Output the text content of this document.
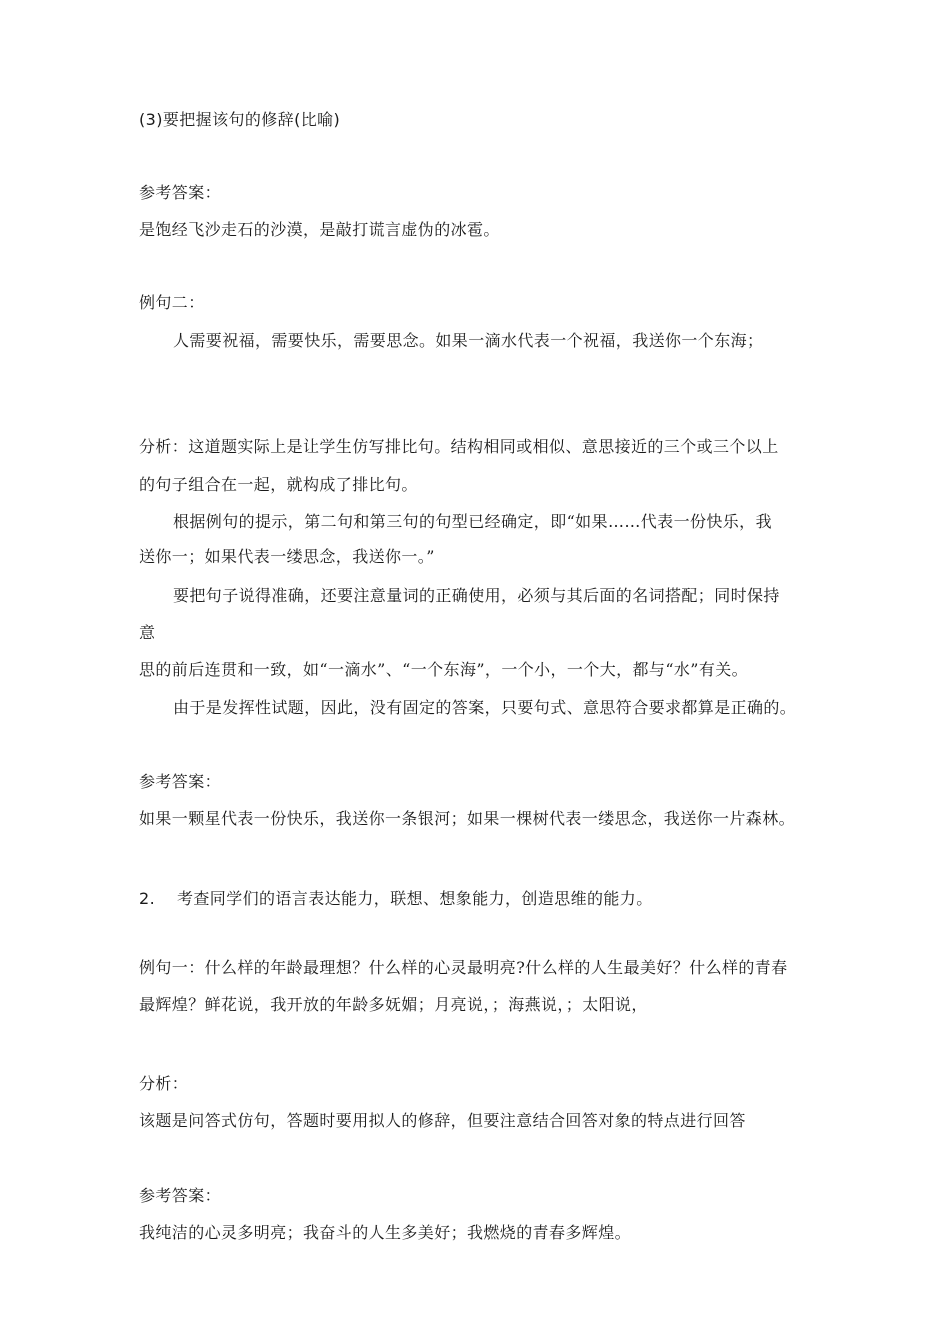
(3)要把握该句的修辞(比喻)
参考答案：
是饱经飞沙走石的沙漠，是敲打谎言虚伪的冰雹。
例句二：
人需要祝福，需要快乐，需要思念。如果一滴水代表一个祝福，我送你一个东海；
分析：这道题实际上是让学生仿写排比句。结构相同或相似、意思接近的三个或三个以上
的句子组合在一起，就构成了排比句。
根据例句的提示，第二句和第三句的句型已经确定，即“如果……代表一份快乐，我
送你一；如果代表一缕思念，我送你一。”
要把句子说得准确，还要注意量词的正确使用，必须与其后面的名词搭配；同时保持
意
思的前后连贯和一致，如“一滴水”、“一个东海”，一个小，一个大，都与“水”有关。
由于是发挥性试题，因此，没有固定的答案，只要句式、意思符合要求都算是正确的。
参考答案：
如果一颗星代表一份快乐，我送你一条银河；如果一棵树代表一缕思念，我送你一片森林。
2. 考查同学们的语言表达能力，联想、想象能力，创造思维的能力。
例句一：什么样的年龄最理想？什么样的心灵最明亮?什么样的人生最美好？什么样的青春
最辉煌？鲜花说，我开放的年龄多妩媚；月亮说，；海燕说，；太阳说，
分析：
该题是问答式仿句，答题时要用拟人的修辞，但要注意结合回答对象的特点进行回答
参考答案：
我纯洁的心灵多明亮；我奋斗的人生多美好；我燃烧的青春多辉煌。
